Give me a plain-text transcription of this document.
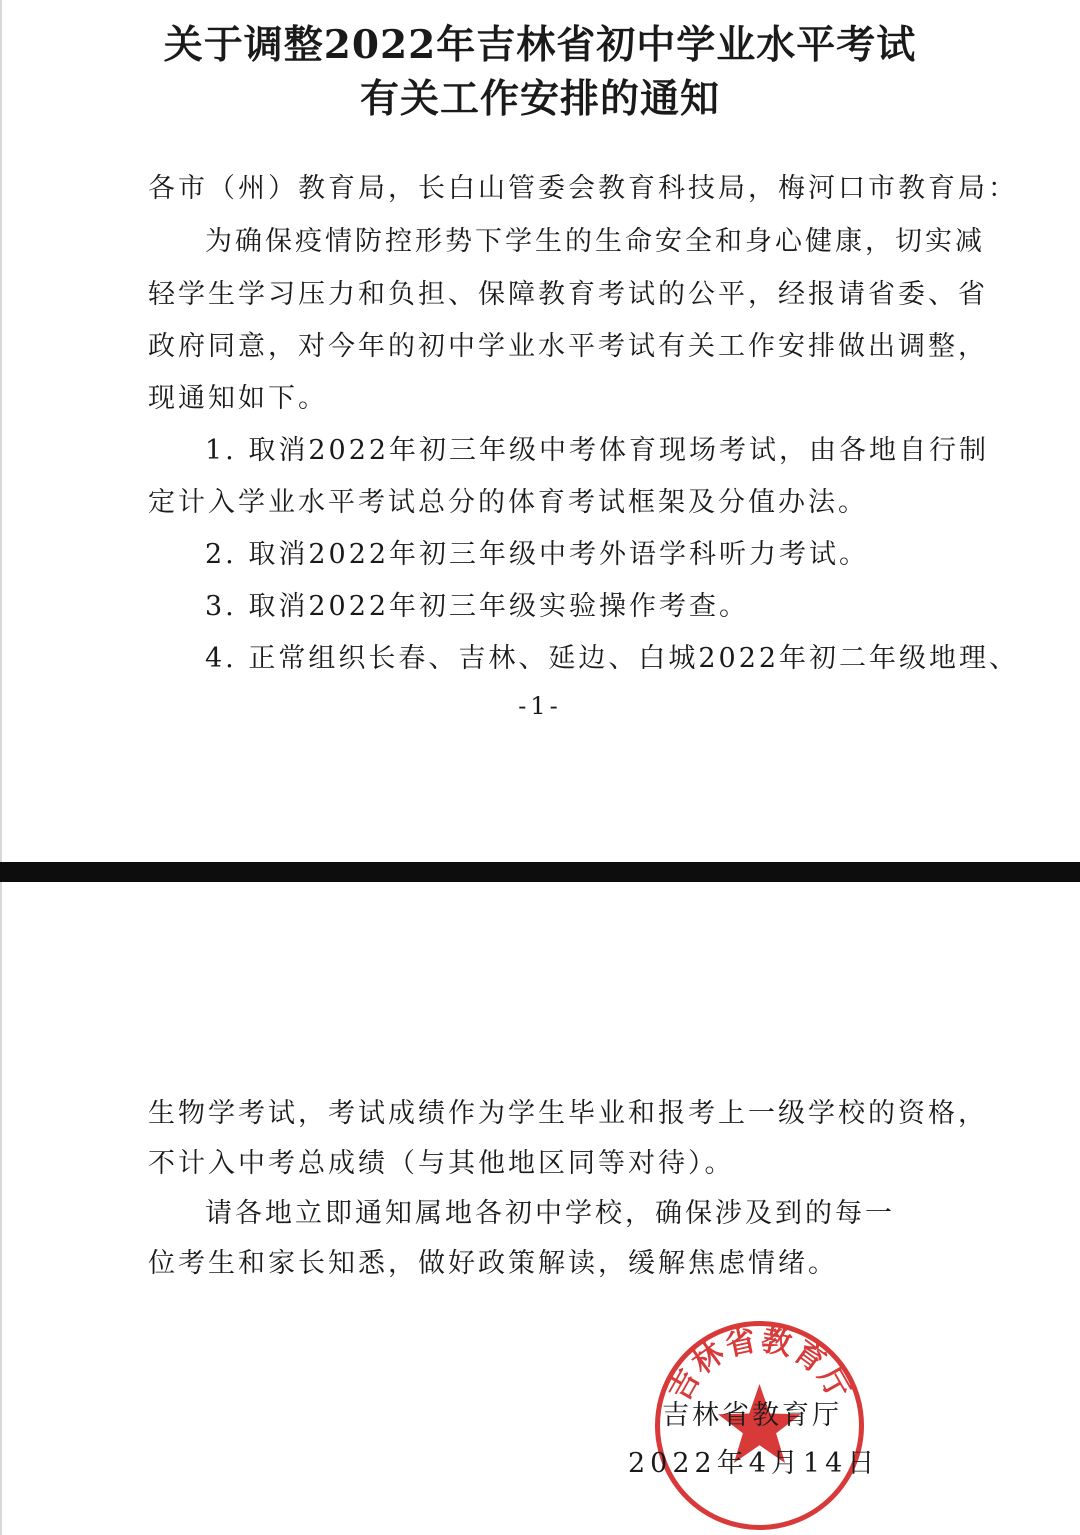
关于调整2022年吉林省初中学业水平考试
有关工作安排的通知

各市（州）教育局，长白山管委会教育科技局，梅河口市教育局：

为确保疫情防控形势下学生的生命安全和身心健康，切实减

轻学生学习压力和负担、保障教育考试的公平，经报请省委、省

政府同意，对今年的初中学业水平考试有关工作安排做出调整，

现通知如下。

1. 取消2022年初三年级中考体育现场考试，由各地自行制

定计入学业水平考试总分的体育考试框架及分值办法。

2. 取消2022年初三年级中考外语学科听力考试。

3. 取消2022年初三年级实验操作考查。

4. 正常组织长春、吉林、延边、白城2022年初二年级地理、

-1-

生物学考试，考试成绩作为学生毕业和报考上一级学校的资格，

不计入中考总成绩（与其他地区同等对待）。

请各地立即通知属地各初中学校，确保涉及到的每一

位考生和家长知悉，做好政策解读，缓解焦虑情绪。

吉林省教育厅

吉林省教育厅

2022年4月14日
